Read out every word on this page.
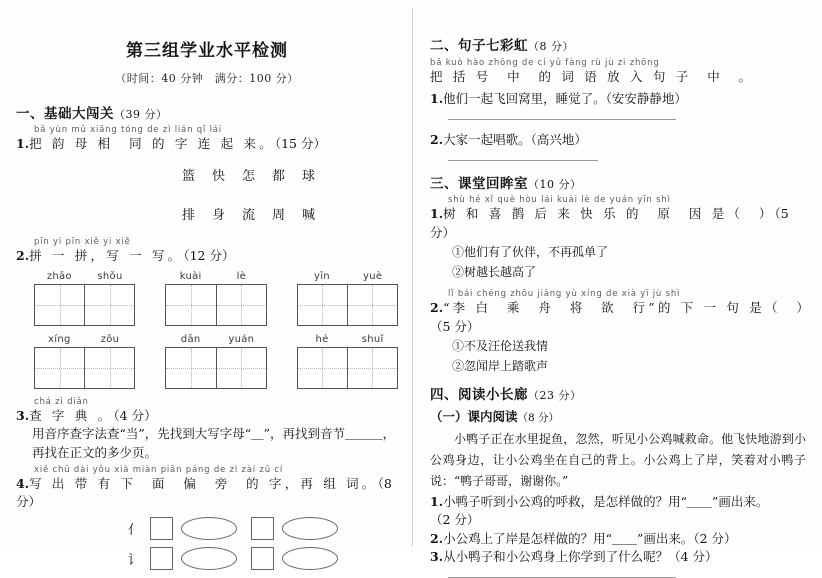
第三组学业水平检测
（时间：40 分钟　满分：100 分）
一、基础大闯关（39 分）
bǎ yùn mǔ xiāng tóng de zì lián qǐ lái
1.把 韵 母 相　同 的 字 连 起 来。（15 分）
篮快怎都球
排身流周喊
pīn yi pīn xiě yi xiě
2.拼 一 拼，写 一 写。（12 分）
zhāo	shǒu	kuài	lè	yīn	yuè
xíng	zǒu	dān	yuán	hé	shuǐ
chá zì diǎn
3.查 字 典 。（4 分）
用音序查字法查“当”，先找到大写字母“＿”，再找到音节＿＿＿，
再找在正文的多少页。
xiě chū dài yǒu xià miàn piān páng de zì zài zǔ cí
4.写 出 带 有 下　面　偏　旁　的 字，再 组 词。（8 分）
亻
讠
二、句子七彩虹（8 分）
bǎ kuò hào zhōng de cí yǔ fàng rù jù zi zhōng
把 括 号　中　的 词 语 放 入 句 子　中　。
1.他们一起飞回窝里，睡觉了。（安安静静地）
2.大家一起唱歌。（高兴地）
三、课堂回眸室（10 分）
shù hé xǐ què hòu lái kuài lè de yuán yīn shì
1.树 和 喜 鹊 后 来 快 乐 的　原　因 是（　）（5 分）
①他们有了伙伴，不再孤单了
②树越长越高了
lǐ bái chéng zhōu jiāng yù xíng de xià yī jù shì
2.“李 白　乘　舟　将　欲　行”的 下 一 句 是（　）（5 分）
①不及汪伦送我情
②忽闻岸上踏歌声
四、阅读小长廊（23 分）
（一）课内阅读（8 分）
小鸭子正在水里捉鱼，忽然，听见小公鸡喊救命。他飞快地游到小公鸡身边，让小公鸡坐在自己的背上。小公鸡上了岸，笑着对小鸭子说：“鸭子哥哥，谢谢你。”
1.小鸭子听到小公鸡的呼救，是怎样做的？用“＿＿”画出来。（2 分）
2.小公鸡上了岸是怎样做的？用“＿＿”画出来。（2 分）
3.从小鸭子和小公鸡身上你学到了什么呢？（4 分）
